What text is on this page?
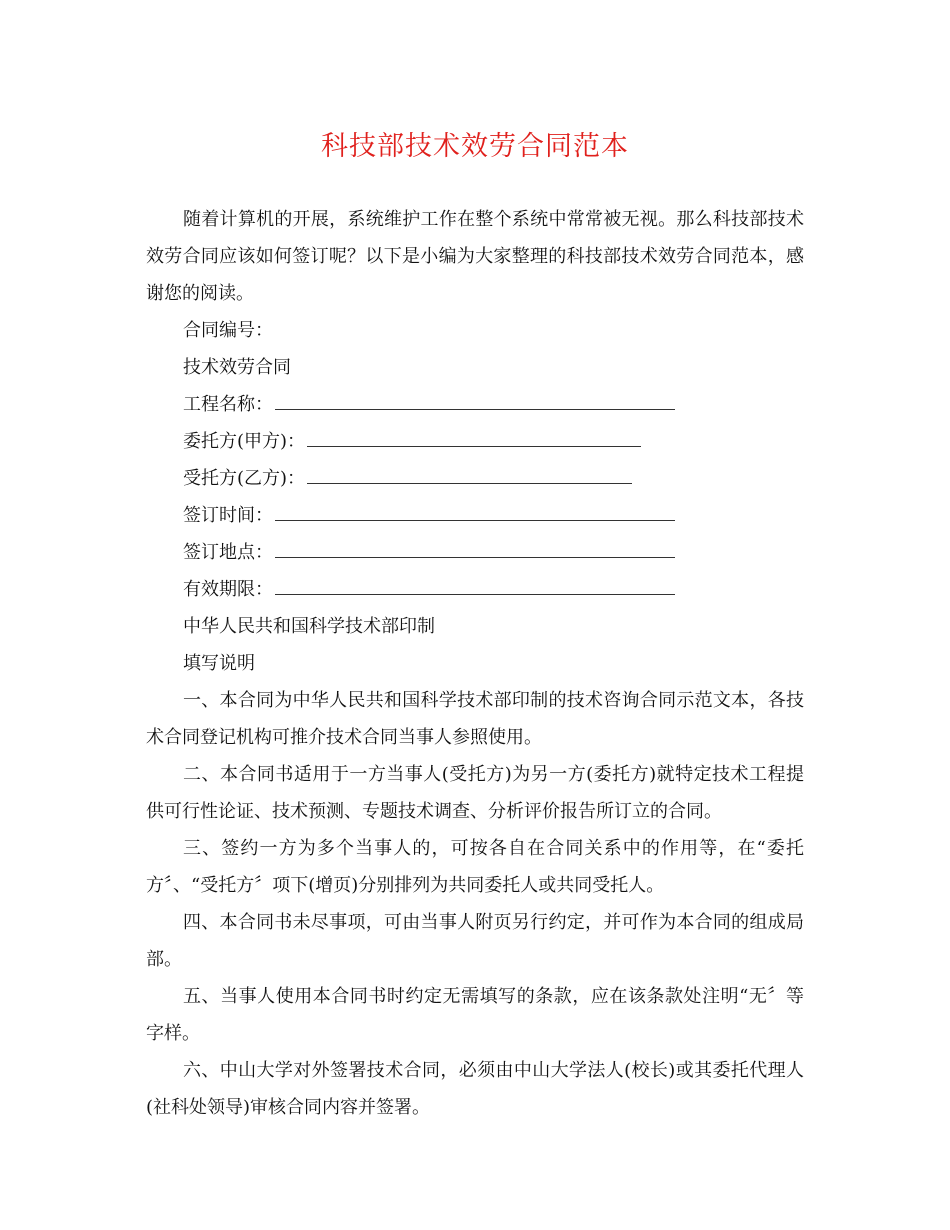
科技部技术效劳合同范本

随着计算机的开展，系统维护工作在整个系统中常常被无视。那么科技部技术效劳合同应该如何签订呢？以下是小编为大家整理的科技部技术效劳合同范本，感谢您的阅读。

合同编号：

技术效劳合同

工程名称：

委托方(甲方)：

受托方(乙方)：

签订时间：

签订地点：

有效期限：

中华人民共和国科学技术部印制

填写说明

一、本合同为中华人民共和国科学技术部印制的技术咨询合同示范文本，各技术合同登记机构可推介技术合同当事人参照使用。

二、本合同书适用于一方当事人(受托方)为另一方(委托方)就特定技术工程提供可行性论证、技术预测、专题技术调查、分析评价报告所订立的合同。

三、签约一方为多个当事人的，可按各自在合同关系中的作用等，在“委托方〞、“受托方〞项下(增页)分别排列为共同委托人或共同受托人。

四、本合同书未尽事项，可由当事人附页另行约定，并可作为本合同的组成局部。

五、当事人使用本合同书时约定无需填写的条款，应在该条款处注明“无〞等字样。

六、中山大学对外签署技术合同，必须由中山大学法人(校长)或其委托代理人(社科处领导)审核合同内容并签署。
